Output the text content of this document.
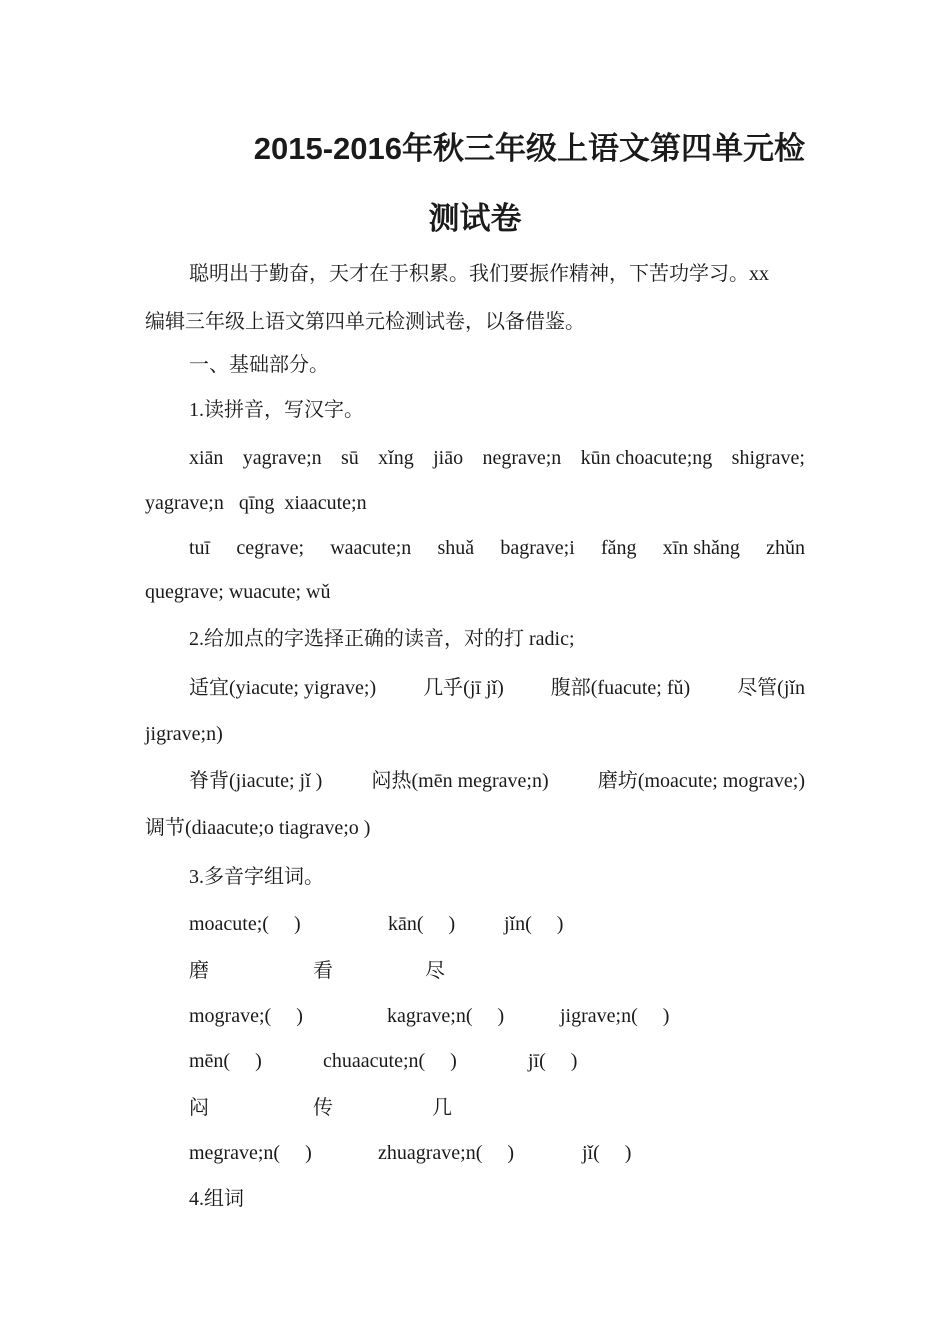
2015-2016年秋三年级上语文第四单元检
测试卷
聪明出于勤奋，天才在于积累。我们要振作精神，下苦功学习。xx
编辑三年级上语文第四单元检测试卷，以备借鉴。
一、基础部分。
1.读拼音，写汉字。
xiān yagrave;n sū xǐng jiāo negrave;n kūn choacute;ng shigrave;
yagrave;n   qīng  xiaacute;n
tuī cegrave; waacute;n shuǎ bagrave;i fǎng xīn shǎng zhǔn
quegrave; wuacute; wǔ
2.给加点的字选择正确的读音，对的打 radic;
适宜(yiacute; yigrave;) 几乎(jī jǐ) 腹部(fuacute; fǔ) 尽管(jǐn
jigrave;n)
脊背(jiacute; jǐ ) 闷热(mēn megrave;n) 磨坊(moacute; mograve;)
调节(diaacute;o tiagrave;o )
3.多音字组词。
moacute;(     )	kān(     ) jǐn(     )
磨	看	尽
mograve;(     )	kagrave;n(     )	jigrave;n(     )
mēn(     )	chuaacute;n(     )	jī(     )
闷	传	几
megrave;n(     )	zhuagrave;n(     )	jǐ(     )
4.组词
